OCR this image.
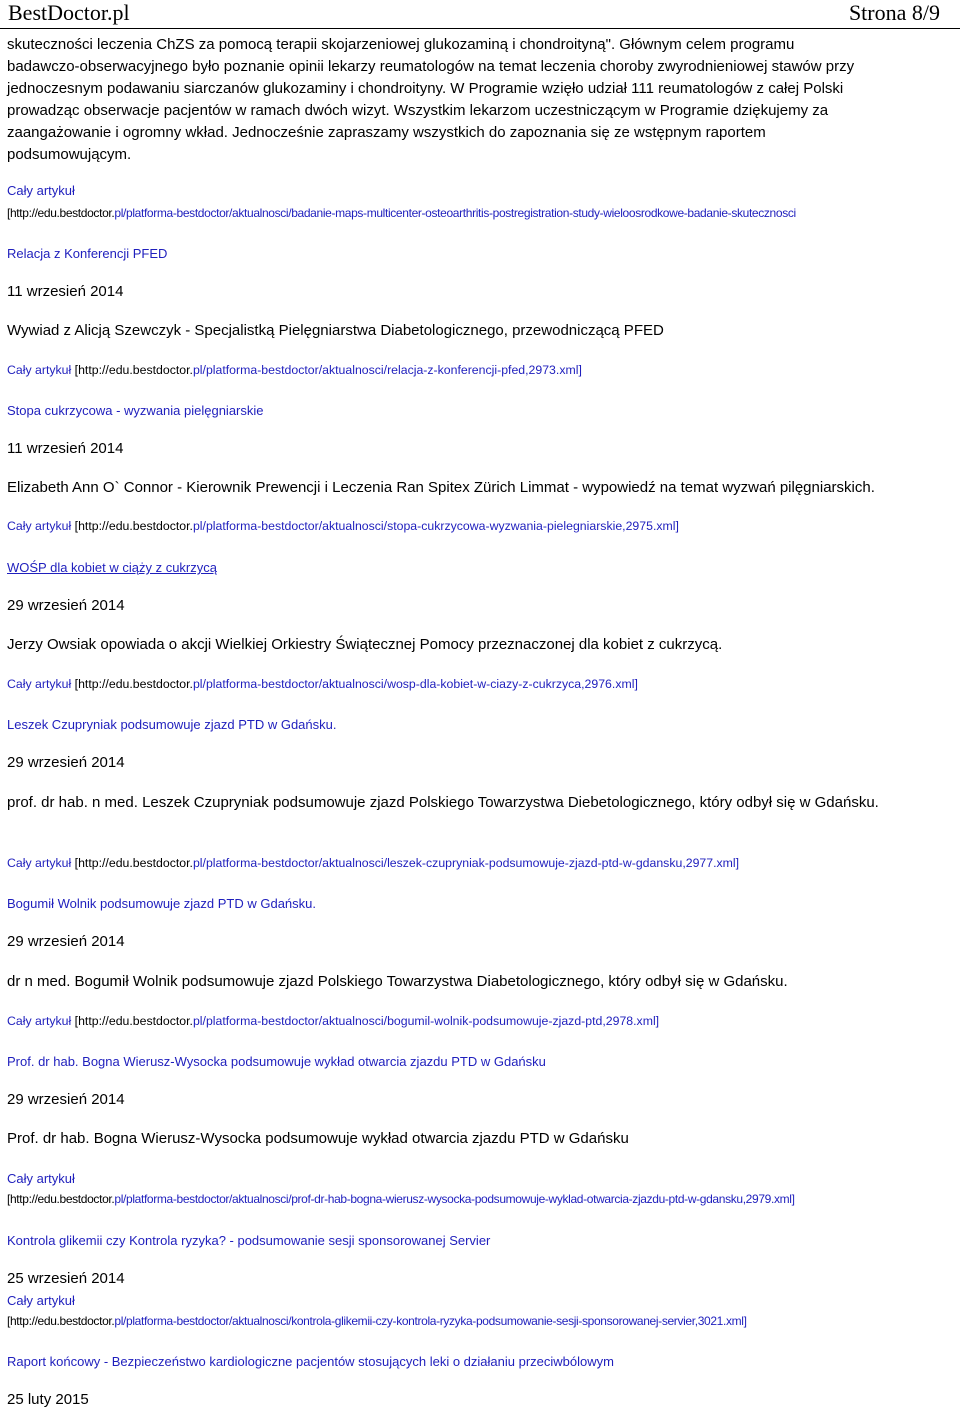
BestDoctor.pl	Strona 8/9

skuteczności leczenia ChZS za pomocą terapii skojarzeniowej glukozaminą i chondroityną". Głównym celem programu

badawczo-obserwacyjnego było poznanie opinii lekarzy reumatologów na temat leczenia choroby zwyrodnieniowej stawów przy

jednoczesnym podawaniu siarczanów glukozaminy i chondroityny. W Programie wzięło udział 111 reumatologów z całej Polski

prowadząc obserwacje pacjentów w ramach dwóch wizyt. Wszystkim lekarzom uczestniczącym w Programie dziękujemy za

zaangażowanie i ogromny wkład. Jednocześnie zapraszamy wszystkich do zapoznania się ze wstępnym raportem

podsumowującym.

Cały artykuł
[http://edu.bestdoctor.pl/platforma-bestdoctor/aktualnosci/badanie-maps-multicenter-osteoarthritis-postregistration-study-wieloosrodkowe-badanie-skutecznosci
Relacja z Konferencji PFED
11 wrzesień 2014
Wywiad z Alicją Szewczyk - Specjalistką Pielęgniarstwa Diabetologicznego, przewodniczącą PFED
Cały artykuł [http://edu.bestdoctor.pl/platforma-bestdoctor/aktualnosci/relacja-z-konferencji-pfed,2973.xml]
Stopa cukrzycowa - wyzwania pielęgniarskie
11 wrzesień 2014
Elizabeth Ann O` Connor - Kierownik Prewencji i Leczenia Ran Spitex Zürich Limmat - wypowiedź na temat wyzwań pilęgniarskich.
Cały artykuł [http://edu.bestdoctor.pl/platforma-bestdoctor/aktualnosci/stopa-cukrzycowa-wyzwania-pielegniarskie,2975.xml]
WOŚP dla kobiet w ciąży z cukrzycą
29 wrzesień 2014
Jerzy Owsiak opowiada o akcji Wielkiej Orkiestry Świątecznej Pomocy przeznaczonej dla kobiet z cukrzycą.
Cały artykuł [http://edu.bestdoctor.pl/platforma-bestdoctor/aktualnosci/wosp-dla-kobiet-w-ciazy-z-cukrzyca,2976.xml]
Leszek Czupryniak podsumowuje zjazd PTD w Gdańsku.
29 wrzesień 2014
prof. dr hab. n med. Leszek Czupryniak podsumowuje zjazd Polskiego Towarzystwa Diebetologicznego, który odbył się w Gdańsku.
Cały artykuł [http://edu.bestdoctor.pl/platforma-bestdoctor/aktualnosci/leszek-czupryniak-podsumowuje-zjazd-ptd-w-gdansku,2977.xml]
Bogumił Wolnik podsumowuje zjazd PTD w Gdańsku.
29 wrzesień 2014
dr n med. Bogumił Wolnik podsumowuje zjazd Polskiego Towarzystwa Diabetologicznego, który odbył się w Gdańsku.
Cały artykuł [http://edu.bestdoctor.pl/platforma-bestdoctor/aktualnosci/bogumil-wolnik-podsumowuje-zjazd-ptd,2978.xml]
Prof. dr hab. Bogna Wierusz-Wysocka podsumowuje wykład otwarcia zjazdu PTD w Gdańsku
29 wrzesień 2014
Prof. dr hab. Bogna Wierusz-Wysocka podsumowuje wykład otwarcia zjazdu PTD w Gdańsku
Cały artykuł
[http://edu.bestdoctor.pl/platforma-bestdoctor/aktualnosci/prof-dr-hab-bogna-wierusz-wysocka-podsumowuje-wyklad-otwarcia-zjazdu-ptd-w-gdansku,2979.xml]
Kontrola glikemii czy Kontrola ryzyka? - podsumowanie sesji sponsorowanej Servier
25 wrzesień 2014
Cały artykuł
[http://edu.bestdoctor.pl/platforma-bestdoctor/aktualnosci/kontrola-glikemii-czy-kontrola-ryzyka-podsumowanie-sesji-sponsorowanej-servier,3021.xml]
Raport końcowy - Bezpieczeństwo kardiologiczne pacjentów stosujących leki o działaniu przeciwbólowym
25 luty 2015
